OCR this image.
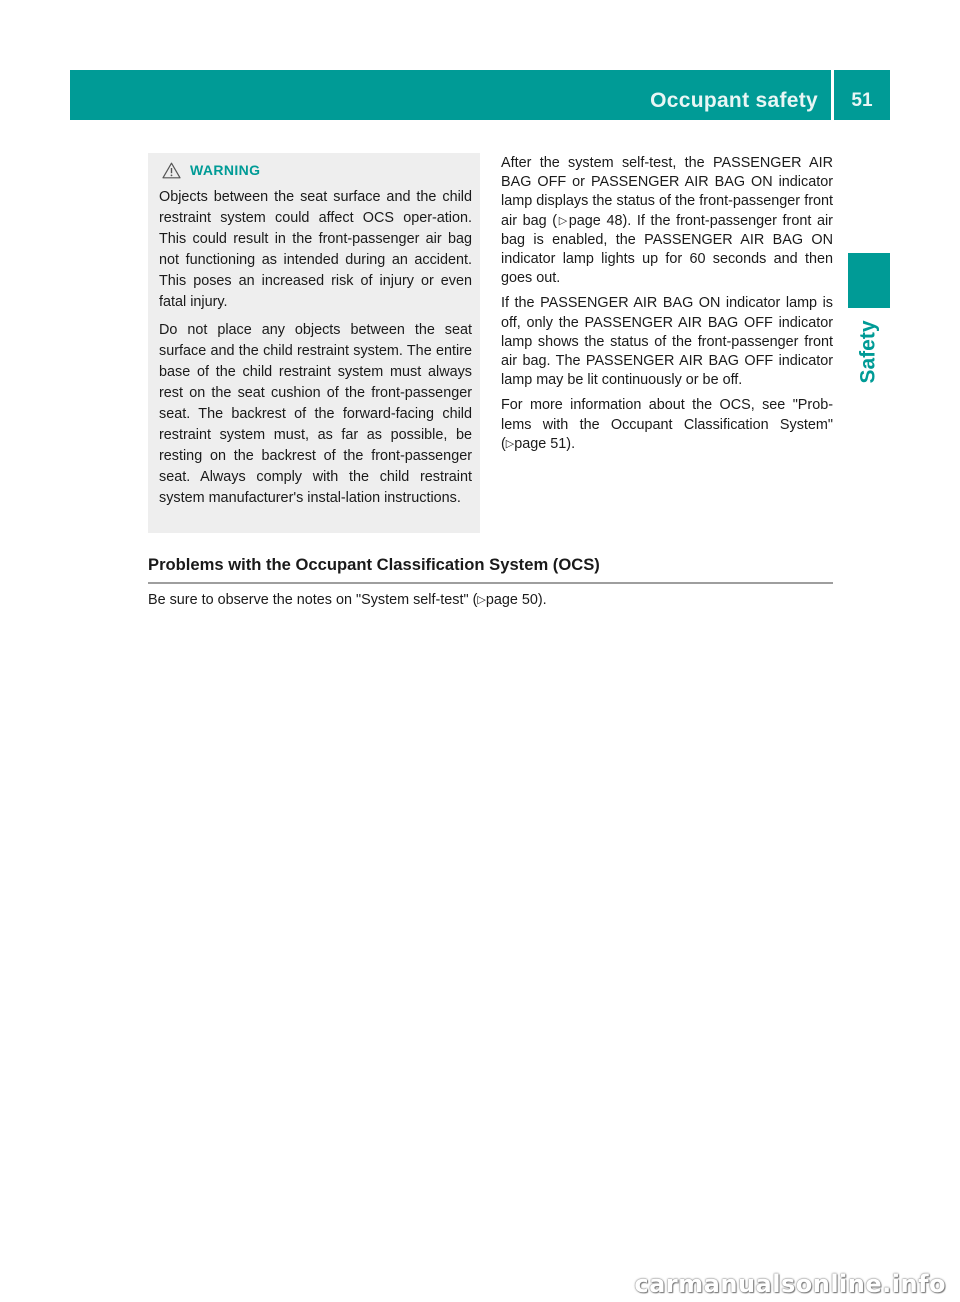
Occupant safety	51
Safety
WARNING

Objects between the seat surface and the child restraint system could affect OCS oper-ation. This could result in the front-passenger air bag not functioning as intended during an accident. This poses an increased risk of injury or even fatal injury.

Do not place any objects between the seat surface and the child restraint system. The entire base of the child restraint system must always rest on the seat cushion of the front-passenger seat. The backrest of the forward-facing child restraint system must, as far as possible, be resting on the backrest of the front-passenger seat. Always comply with the child restraint system manufacturer's instal-lation instructions.

After the system self-test, the PASSENGER AIR BAG OFF or PASSENGER AIR BAG ON indicator lamp displays the status of the front-passenger front air bag (▷page 48). If the front-passenger front air bag is enabled, the PASSENGER AIR BAG ON indicator lamp lights up for 60 seconds and then goes out.

If the PASSENGER AIR BAG ON indicator lamp is off, only the PASSENGER AIR BAG OFF indicator lamp shows the status of the front-passenger front air bag. The PASSENGER AIR BAG OFF indicator lamp may be lit continuously or be off.

For more information about the OCS, see "Prob-lems with the Occupant Classification System" (▷page 51).

Problems with the Occupant Classification System (OCS)

Be sure to observe the notes on "System self-test" (▷page 50).

carmanualsonline.info
